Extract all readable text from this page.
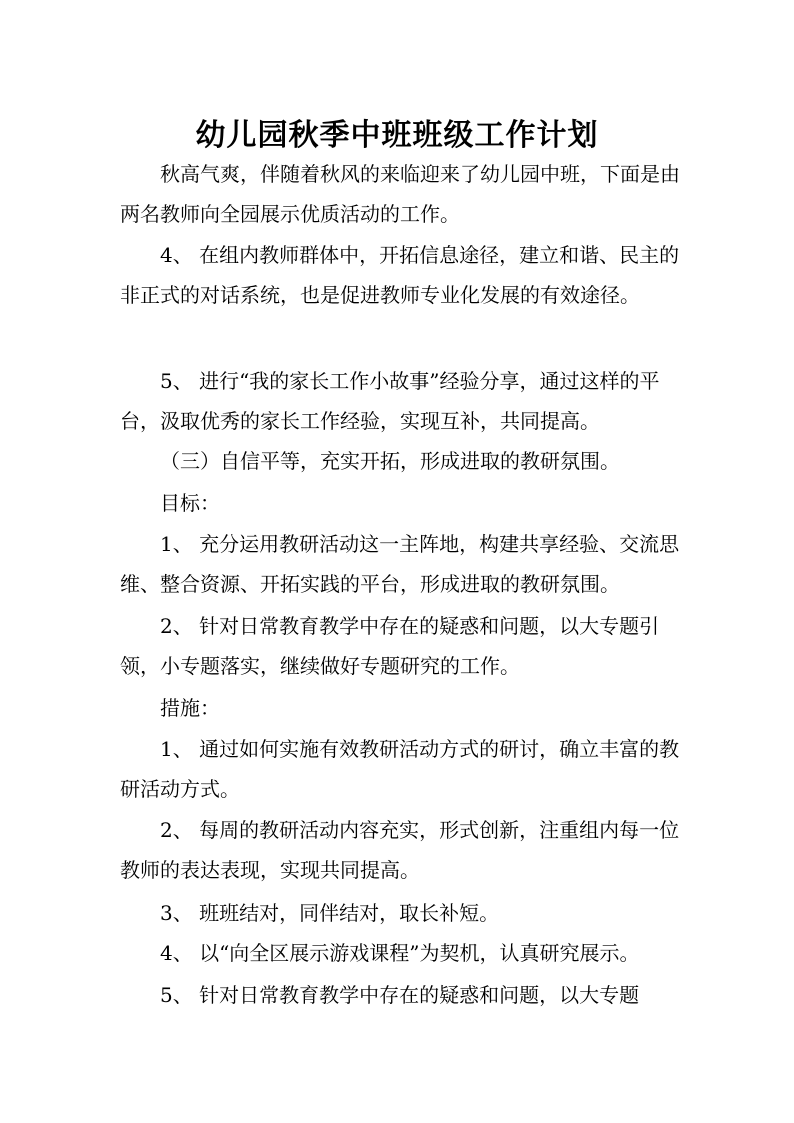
幼儿园秋季中班班级工作计划

秋高气爽，伴随着秋风的来临迎来了幼儿园中班，下面是由两名教师向全园展示优质活动的工作。

4、 在组内教师群体中，开拓信息途径，建立和谐、民主的非正式的对话系统，也是促进教师专业化发展的有效途径。

5、 进行“我的家长工作小故事”经验分享，通过这样的平台，汲取优秀的家长工作经验，实现互补，共同提高。

（三）自信平等，充实开拓，形成进取的教研氛围。

目标：

1、 充分运用教研活动这一主阵地，构建共享经验、交流思维、整合资源、开拓实践的平台，形成进取的教研氛围。

2、 针对日常教育教学中存在的疑惑和问题，以大专题引领，小专题落实，继续做好专题研究的工作。

措施：

1、 通过如何实施有效教研活动方式的研讨，确立丰富的教研活动方式。

2、 每周的教研活动内容充实，形式创新，注重组内每一位教师的表达表现，实现共同提高。

3、 班班结对，同伴结对，取长补短。

4、 以“向全区展示游戏课程”为契机，认真研究展示。

5、 针对日常教育教学中存在的疑惑和问题，以大专题
